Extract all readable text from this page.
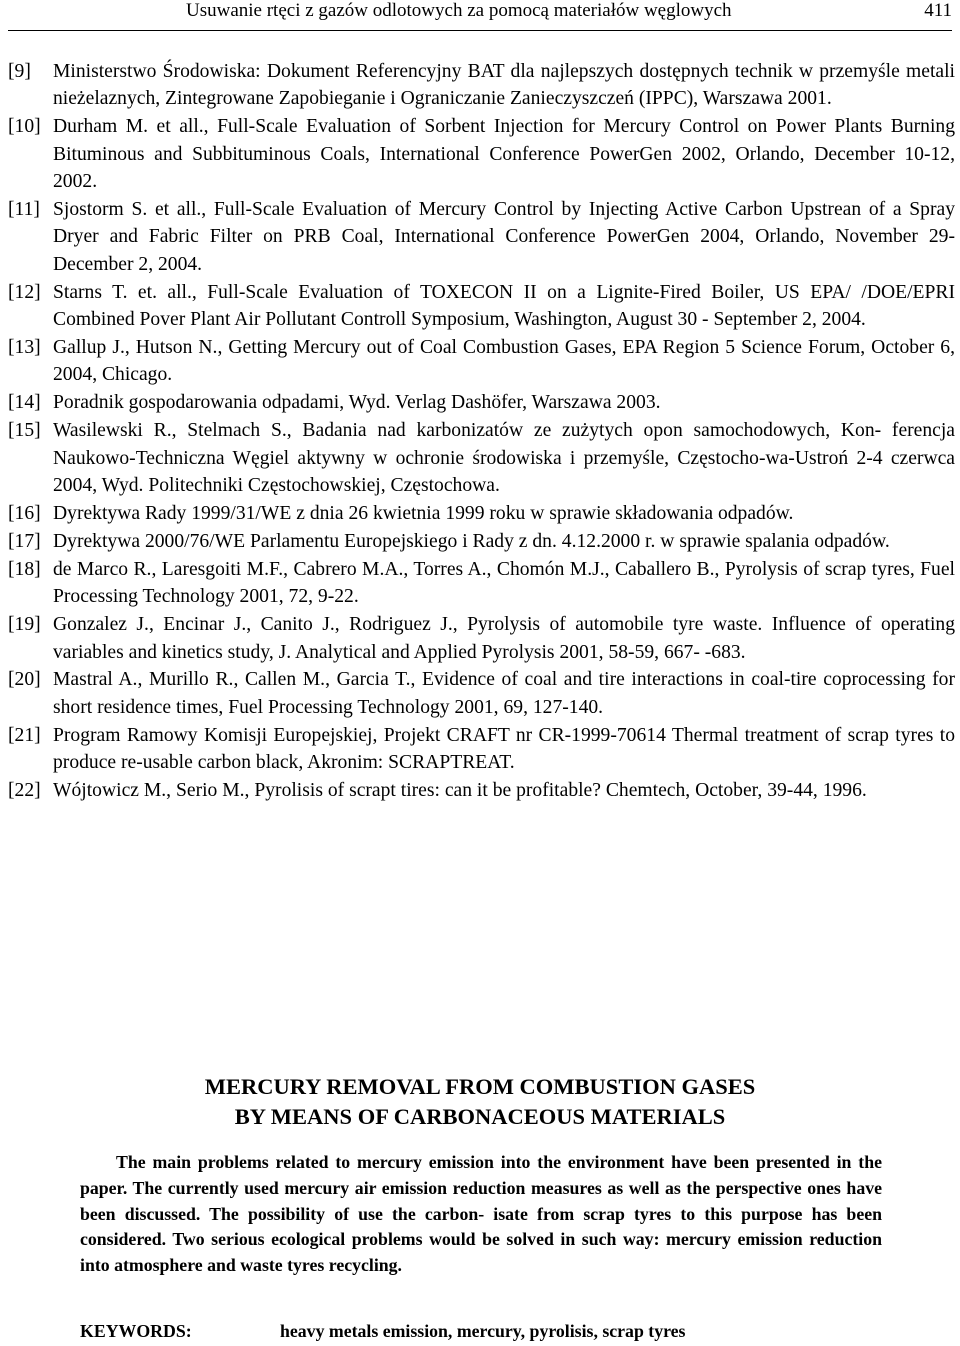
Usuwanie rtęci z gazów odlotowych za pomocą materiałów węglowych	411
[9] Ministerstwo Środowiska: Dokument Referencyjny BAT dla najlepszych dostępnych technik w przemyśle metali nieżelaznych, Zintegrowane Zapobieganie i Ograniczanie Zanieczyszczeń (IPPC), Warszawa 2001.
[10] Durham M. et all., Full-Scale Evaluation of Sorbent Injection for Mercury Control on Power Plants Burning Bituminous and Subbituminous Coals, International Conference PowerGen 2002, Orlando, December 10-12, 2002.
[11] Sjostorm S. et all., Full-Scale Evaluation of Mercury Control by Injecting Active Carbon Upstrean of a Spray Dryer and Fabric Filter on PRB Coal, International Conference PowerGen 2004, Orlando, November 29-December 2, 2004.
[12] Starns T. et. all., Full-Scale Evaluation of TOXECON II on a Lignite-Fired Boiler, US EPA/ /DOE/EPRI Combined Pover Plant Air Pollutant Controll Symposium, Washington, August 30 - September 2, 2004.
[13] Gallup J., Hutson N., Getting Mercury out of Coal Combustion Gases, EPA Region 5 Science Forum, October 6, 2004, Chicago.
[14] Poradnik gospodarowania odpadami, Wyd. Verlag Dashöfer, Warszawa 2003.
[15] Wasilewski R., Stelmach S., Badania nad karbonizatów ze zużytych opon samochodowych, Kon- ferencja Naukowo-Techniczna Węgiel aktywny w ochronie środowiska i przemyśle, Częstocho-wa-Ustroń 2-4 czerwca 2004, Wyd. Politechniki Częstochowskiej, Częstochowa.
[16] Dyrektywa Rady 1999/31/WE z dnia 26 kwietnia 1999 roku w sprawie składowania odpadów.
[17] Dyrektywa 2000/76/WE Parlamentu Europejskiego i Rady z dn. 4.12.2000 r. w sprawie spalania odpadów.
[18] de Marco R., Laresgoiti M.F., Cabrero M.A., Torres A., Chomón M.J., Caballero B., Pyrolysis of scrap tyres, Fuel Processing Technology 2001, 72, 9-22.
[19] Gonzalez J., Encinar J., Canito J., Rodriguez J., Pyrolysis of automobile tyre waste. Influence of operating variables and kinetics study, J. Analytical and Applied Pyrolysis 2001, 58-59, 667- -683.
[20] Mastral A., Murillo R., Callen M., Garcia T., Evidence of coal and tire interactions in coal-tire coprocessing for short residence times, Fuel Processing Technology 2001, 69, 127-140.
[21] Program Ramowy Komisji Europejskiej, Projekt CRAFT nr CR-1999-70614 Thermal treatment of scrap tyres to produce re-usable carbon black, Akronim: SCRAPTREAT.
[22] Wójtowicz M., Serio M., Pyrolisis of scrapt tires: can it be profitable? Chemtech, October, 39-44, 1996.
MERCURY REMOVAL FROM COMBUSTION GASES
BY MEANS OF CARBONACEOUS MATERIALS
The main problems related to mercury emission into the environment have been presented in the paper. The currently used mercury air emission reduction measures as well as the perspective ones have been discussed. The possibility of use the carbon- isate from scrap tyres to this purpose has been considered. Two serious ecological problems would be solved in such way: mercury emission reduction into atmosphere and waste tyres recycling.
KEYWORDS:	heavy metals emission, mercury, pyrolisis, scrap tyres
